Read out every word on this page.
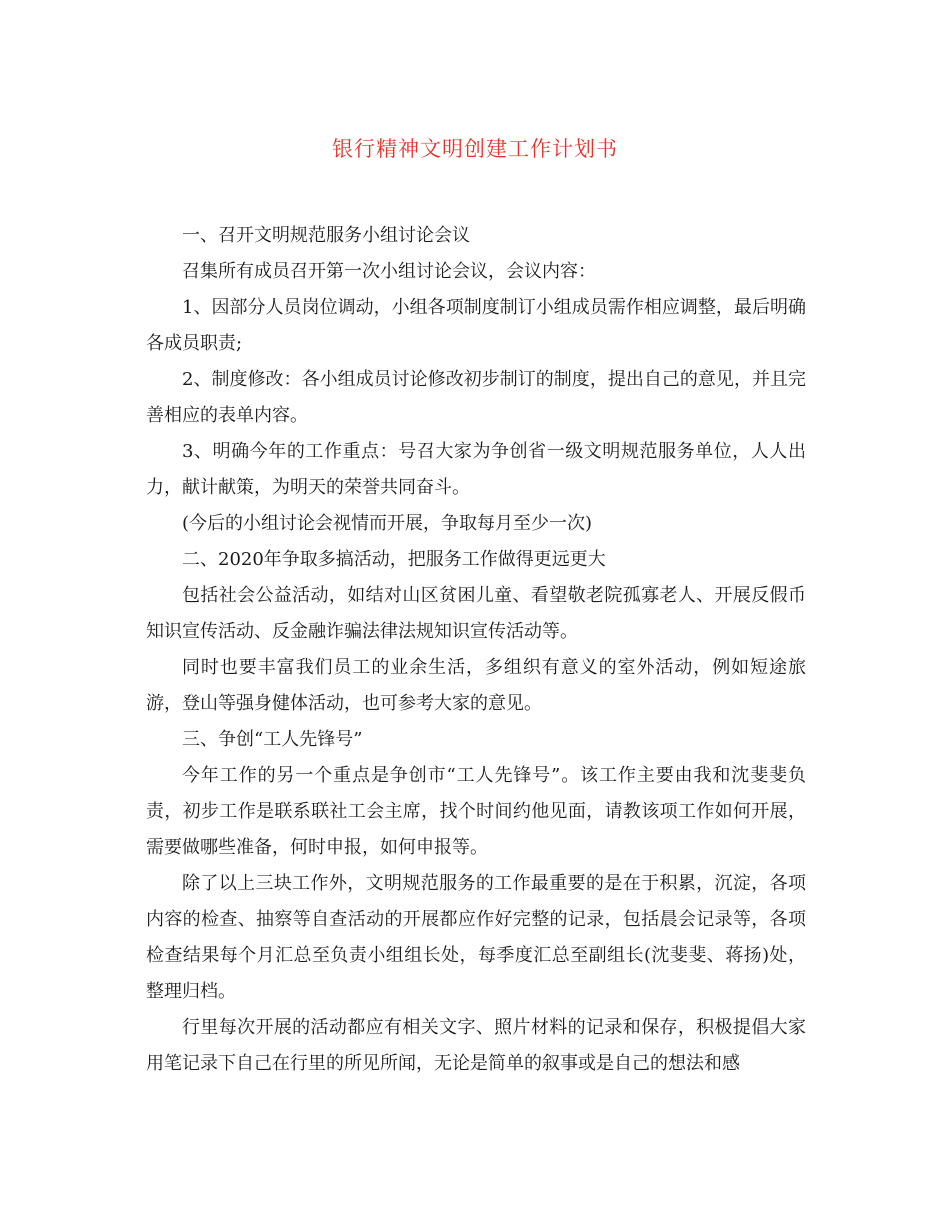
银行精神文明创建工作计划书

一、召开文明规范服务小组讨论会议

召集所有成员召开第一次小组讨论会议，会议内容：

1、因部分人员岗位调动，小组各项制度制订小组成员需作相应调整，最后明确各成员职责;

2、制度修改：各小组成员讨论修改初步制订的制度，提出自己的意见，并且完善相应的表单内容。

3、明确今年的工作重点：号召大家为争创省一级文明规范服务单位，人人出力，献计献策，为明天的荣誉共同奋斗。

(今后的小组讨论会视情而开展，争取每月至少一次)

二、2020年争取多搞活动，把服务工作做得更远更大

包括社会公益活动，如结对山区贫困儿童、看望敬老院孤寡老人、开展反假币知识宣传活动、反金融诈骗法律法规知识宣传活动等。

同时也要丰富我们员工的业余生活，多组织有意义的室外活动，例如短途旅游，登山等强身健体活动，也可参考大家的意见。

三、争创“工人先锋号”

今年工作的另一个重点是争创市“工人先锋号”。该工作主要由我和沈斐斐负责，初步工作是联系联社工会主席，找个时间约他见面，请教该项工作如何开展，需要做哪些准备，何时申报，如何申报等。

除了以上三块工作外，文明规范服务的工作最重要的是在于积累，沉淀，各项内容的检查、抽察等自查活动的开展都应作好完整的记录，包括晨会记录等，各项检查结果每个月汇总至负责小组组长处，每季度汇总至副组长(沈斐斐、蒋扬)处，整理归档。

行里每次开展的活动都应有相关文字、照片材料的记录和保存，积极提倡大家用笔记录下自己在行里的所见所闻，无论是简单的叙事或是自己的想法和感
